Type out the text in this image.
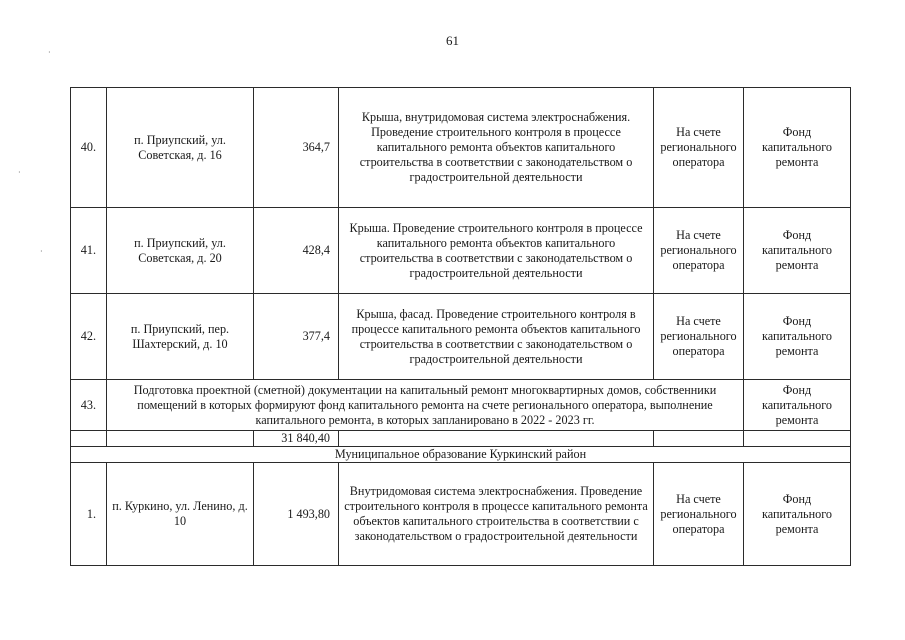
61
·
·
·
40.	п. Приупский, ул. Советская, д. 16	364,7	Крыша, внутридомовая система электроснабжения. Проведение строительного контроля в процессе капитального ремонта объектов капитального строительства в соответствии с законодательством о градостроительной деятельности	На счете регионального оператора	Фонд капитального ремонта
41.	п. Приупский, ул. Советская, д. 20	428,4	Крыша. Проведение строительного контроля в процессе капитального ремонта объектов капитального строительства в соответствии с законодательством о градостроительной деятельности	На счете регионального оператора	Фонд капитального ремонта
42.	п. Приупский, пер. Шахтерский, д. 10	377,4	Крыша, фасад. Проведение строительного контроля в процессе капитального ремонта объектов капитального строительства в соответствии с законодательством о градостроительной деятельности	На счете регионального оператора	Фонд капитального ремонта
43.	Подготовка проектной (сметной) документации на капитальный ремонт многоквартирных домов, собственники помещений в которых формируют фонд капитального ремонта на счете регионального оператора, выполнение капитального ремонта, в которых запланировано в 2022 - 2023 гг.				Фонд капитального ремонта
		31 840,40			
Муниципальное образование Куркинский район					
1.	п. Куркино, ул. Ленино, д. 10	1 493,80	Внутридомовая система электроснабжения. Проведение строительного контроля в процессе капитального ремонта объектов капитального строительства в соответствии с законодательством о градостроительной деятельности	На счете регионального оператора	Фонд капитального ремонта
